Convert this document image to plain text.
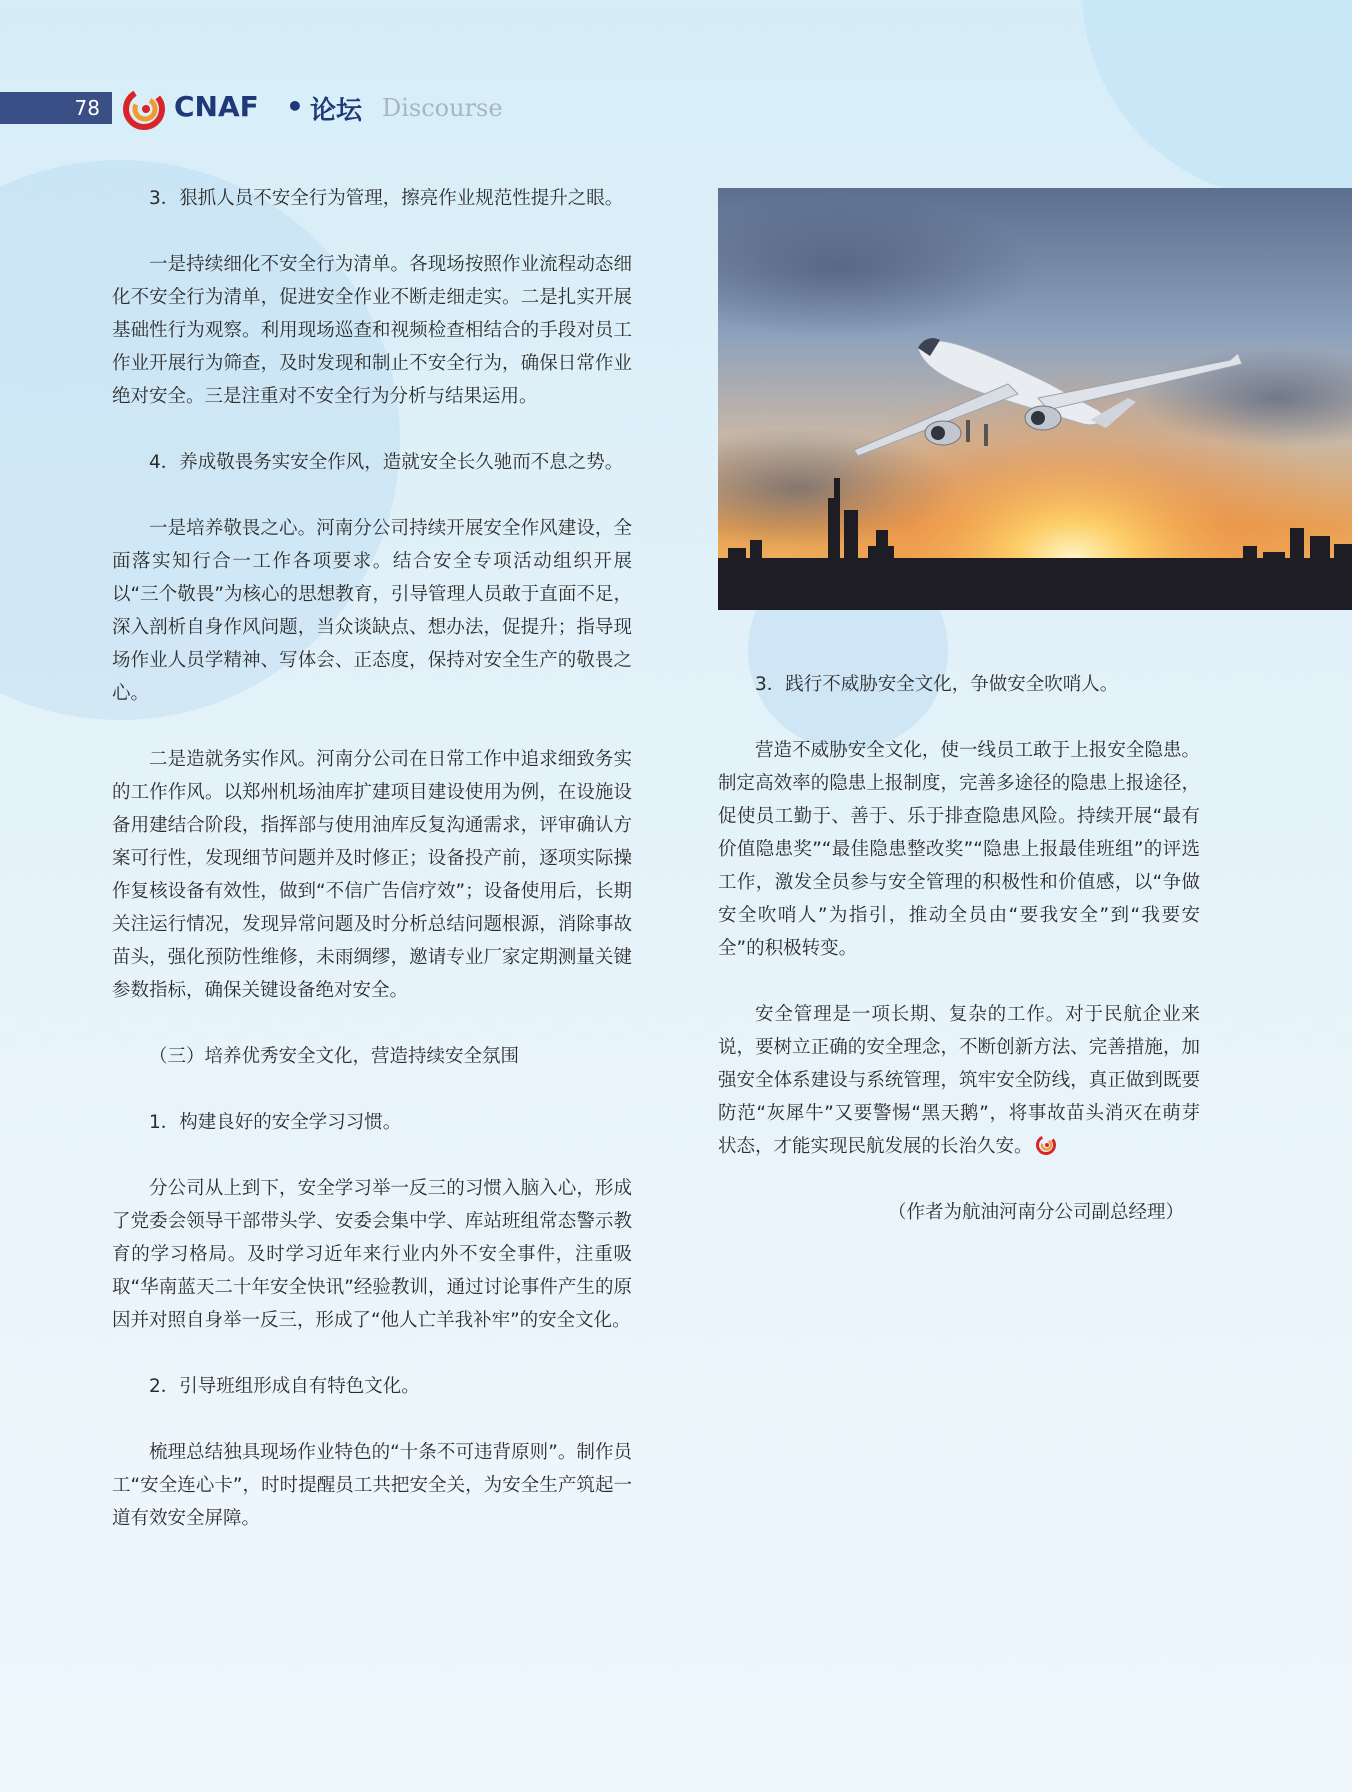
78	CNAF • 论坛 Discourse

3．狠抓人员不安全行为管理，擦亮作业规范性提升之眼。

一是持续细化不安全行为清单。各现场按照作业流程动态细化不安全行为清单，促进安全作业不断走细走实。二是扎实开展基础性行为观察。利用现场巡查和视频检查相结合的手段对员工作业开展行为筛查，及时发现和制止不安全行为，确保日常作业绝对安全。三是注重对不安全行为分析与结果运用。

4．养成敬畏务实安全作风，造就安全长久驰而不息之势。

一是培养敬畏之心。河南分公司持续开展安全作风建设，全面落实知行合一工作各项要求。结合安全专项活动组织开展以“三个敬畏”为核心的思想教育，引导管理人员敢于直面不足，深入剖析自身作风问题，当众谈缺点、想办法，促提升；指导现场作业人员学精神、写体会、正态度，保持对安全生产的敬畏之心。

二是造就务实作风。河南分公司在日常工作中追求细致务实的工作作风。以郑州机场油库扩建项目建设使用为例，在设施设备用建结合阶段，指挥部与使用油库反复沟通需求，评审确认方案可行性，发现细节问题并及时修正；设备投产前，逐项实际操作复核设备有效性，做到“不信广告信疗效”；设备使用后，长期关注运行情况，发现异常问题及时分析总结问题根源，消除事故苗头，强化预防性维修，未雨绸缪，邀请专业厂家定期测量关键参数指标，确保关键设备绝对安全。

（三）培养优秀安全文化，营造持续安全氛围

1．构建良好的安全学习习惯。

分公司从上到下，安全学习举一反三的习惯入脑入心，形成了党委会领导干部带头学、安委会集中学、库站班组常态警示教育的学习格局。及时学习近年来行业内外不安全事件，注重吸取“华南蓝天二十年安全快讯”经验教训，通过讨论事件产生的原因并对照自身举一反三，形成了“他人亡羊我补牢”的安全文化。

2．引导班组形成自有特色文化。

梳理总结独具现场作业特色的“十条不可违背原则”。制作员工“安全连心卡”，时时提醒员工共把安全关，为安全生产筑起一道有效安全屏障。

3．践行不威胁安全文化，争做安全吹哨人。

营造不威胁安全文化，使一线员工敢于上报安全隐患。制定高效率的隐患上报制度，完善多途径的隐患上报途径，促使员工勤于、善于、乐于排查隐患风险。持续开展“最有价值隐患奖”“最佳隐患整改奖”“隐患上报最佳班组”的评选工作，激发全员参与安全管理的积极性和价值感，以“争做安全吹哨人”为指引，推动全员由“要我安全”到“我要安全”的积极转变。

安全管理是一项长期、复杂的工作。对于民航企业来说，要树立正确的安全理念，不断创新方法、完善措施，加强安全体系建设与系统管理，筑牢安全防线，真正做到既要防范“灰犀牛”又要警惕“黑天鹅”，将事故苗头消灭在萌芽状态，才能实现民航发展的长治久安。

（作者为航油河南分公司副总经理）
